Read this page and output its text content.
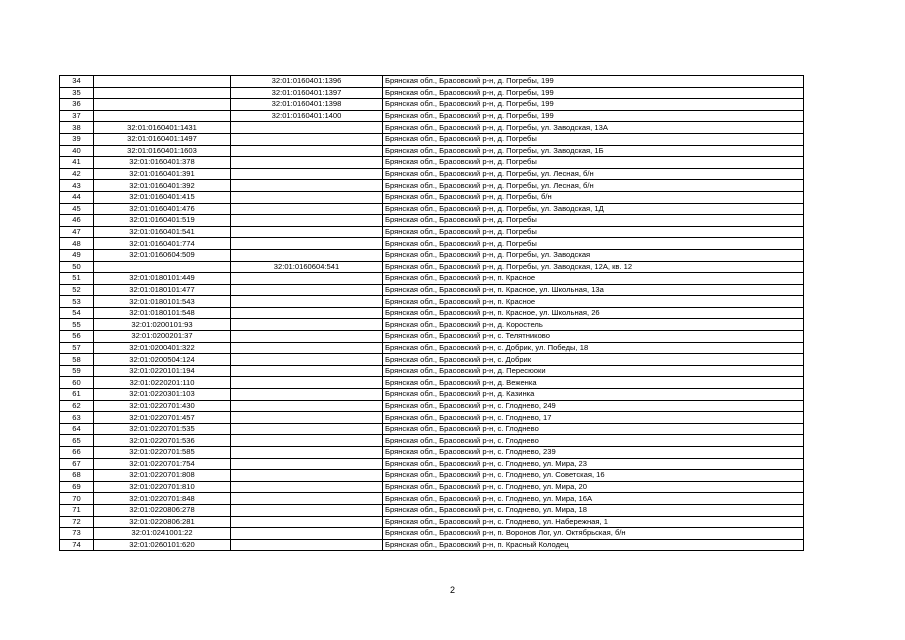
34		32:01:0160401:1396	Брянская обл., Брасовский р-н, д. Погребы, 199
35		32:01:0160401:1397	Брянская обл., Брасовский р-н, д. Погребы, 199
36		32:01:0160401:1398	Брянская обл., Брасовский р-н, д. Погребы, 199
37		32:01:0160401:1400	Брянская обл., Брасовский р-н, д. Погребы, 199
38	32:01:0160401:1431		Брянская обл., Брасовский р-н, д. Погребы, ул. Заводская, 13А
39	32:01:0160401:1497		Брянская обл., Брасовский р-н, д. Погребы
40	32:01:0160401:1603		Брянская обл., Брасовский р-н, д. Погребы, ул. Заводская, 1Б
41	32:01:0160401:378		Брянская обл., Брасовский р-н, д. Погребы
42	32:01:0160401:391		Брянская обл., Брасовский р-н, д. Погребы, ул. Лесная, б/н
43	32:01:0160401:392		Брянская обл., Брасовский р-н, д. Погребы, ул. Лесная, б/н
44	32:01:0160401:415		Брянская обл., Брасовский р-н, д. Погребы, б/н
45	32:01:0160401:476		Брянская обл., Брасовский р-н, д. Погребы, ул. Заводская, 1Д
46	32:01:0160401:519		Брянская обл., Брасовский р-н, д. Погребы
47	32:01:0160401:541		Брянская обл., Брасовский р-н, д. Погребы
48	32:01:0160401:774		Брянская обл., Брасовский р-н, д. Погребы
49	32:01:0160604:509		Брянская обл., Брасовский р-н, д. Погребы, ул. Заводская
50		32:01:0160604:541	Брянская обл., Брасовский р-н, д. Погребы, ул. Заводская, 12А, кв. 12
51	32:01:0180101:449		Брянская обл., Брасовский р-н, п. Красное
52	32:01:0180101:477		Брянская обл., Брасовский р-н, п. Красное, ул. Школьная, 13а
53	32:01:0180101:543		Брянская обл., Брасовский р-н, п. Красное
54	32:01:0180101:548		Брянская обл., Брасовский р-н, п. Красное, ул. Школьная, 26
55	32:01:0200101:93		Брянская обл., Брасовский р-н, д. Коростель
56	32:01:0200201:37		Брянская обл., Брасовский р-н, с. Телятниково
57	32:01:0200401:322		Брянская обл., Брасовский р-н, с. Добрик, ул. Победы, 18
58	32:01:0200504:124		Брянская обл., Брасовский р-н, с. Добрик
59	32:01:0220101:194		Брянская обл., Брасовский р-н, д. Пересюоки
60	32:01:0220201:110		Брянская обл., Брасовский р-н, д. Веженка
61	32:01:0220301:103		Брянская обл., Брасовский р-н, д. Казинка
62	32:01:0220701:430		Брянская обл., Брасовский р-н, с. Глодневo, 249
63	32:01:0220701:457		Брянская обл., Брасовский р-н, с. Глоднево, 17
64	32:01:0220701:535		Брянская обл., Брасовский р-н, с. Глоднево
65	32:01:0220701:536		Брянская обл., Брасовский р-н, с. Глоднево
66	32:01:0220701:585		Брянская обл., Брасовский р-н, с. Глоднево, 239
67	32:01:0220701:754		Брянская обл., Брасовский р-н, с. Глоднево, ул. Мира, 23
68	32:01:0220701:808		Брянская обл., Брасовский р-н, с. Глоднево, ул. Советская, 16
69	32:01:0220701:810		Брянская обл., Брасовский р-н, с. Глоднево, ул. Мира, 20
70	32:01:0220701:848		Брянская обл., Брасовский р-н, с. Глоднево, ул. Мира, 16А
71	32:01:0220806:278		Брянская обл., Брасовский р-н, с. Глоднево, ул. Мира, 18
72	32:01:0220806:281		Брянская обл., Брасовский р-н, с. Глоднево, ул. Набережная, 1
73	32:01:0241001:22		Брянская обл., Брасовский р-н, п. Воронов Лог, ул. Октябрьская, б/н
74	32:01:0260101:620		Брянская обл., Брасовский р-н, п. Красный Колодец
2
